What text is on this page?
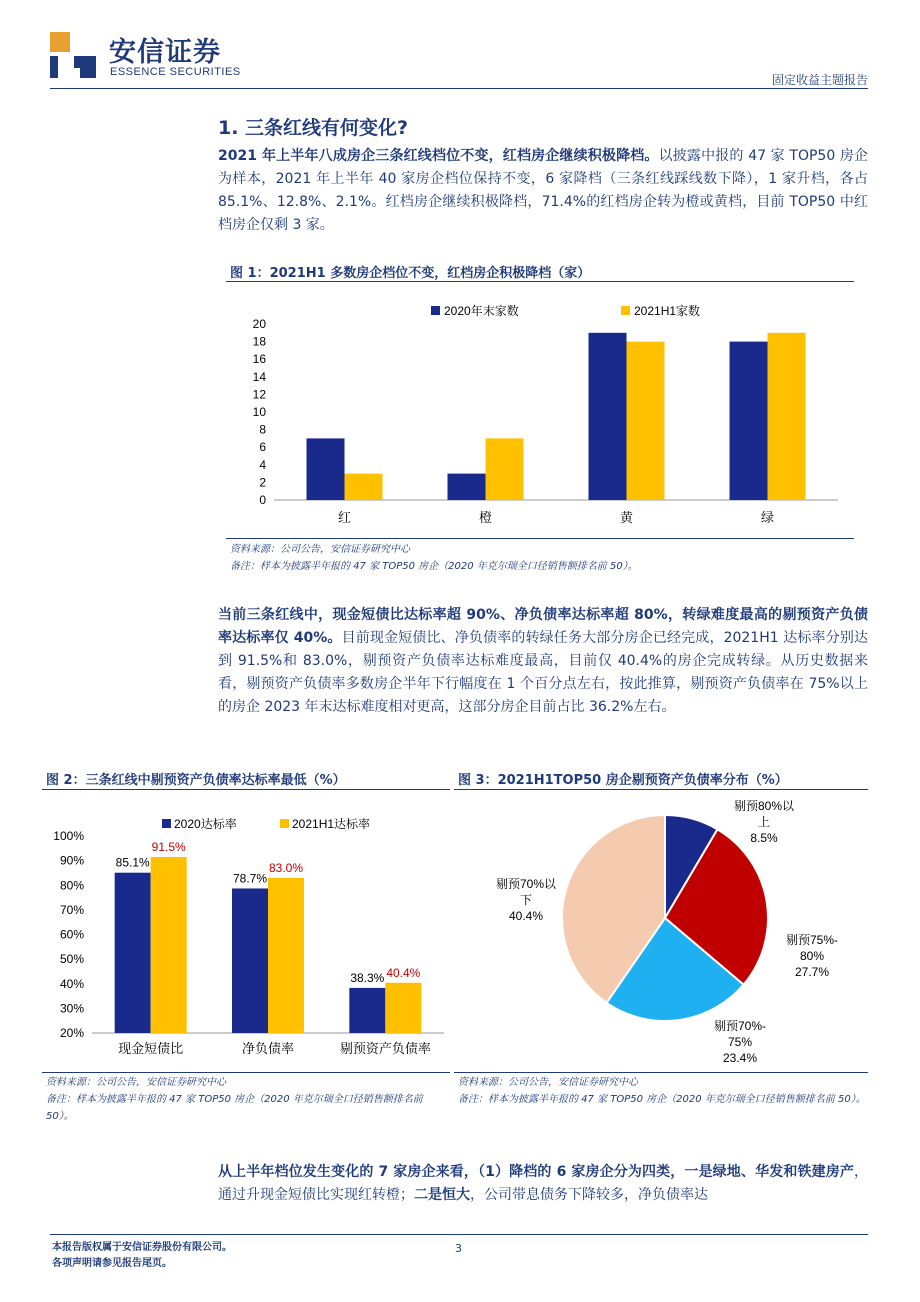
安信证券
ESSENCE SECURITIES
固定收益主题报告
1. 三条红线有何变化?
2021 年上半年八成房企三条红线档位不变，红档房企继续积极降档。以披露中报的 47 家 TOP50 房企为样本，2021 年上半年 40 家房企档位保持不变，6 家降档（三条红线踩线数下降），1 家升档，各占 85.1%、12.8%、2.1%。红档房企继续积极降档，71.4%的红档房企转为橙或黄档，目前 TOP50 中红档房企仅剩 3 家。
图 1：2021H1 多数房企档位不变，红档房企积极降档（家）
0
2
4
6
8
10
12
14
16
18
20
红	橙	黄	绿
2020年末家数	2021H1家数
资料来源：公司公告，安信证券研究中心
备注：样本为披露半年报的 47 家 TOP50 房企（2020 年克尔瑞全口径销售额排名前 50）。
当前三条红线中，现金短债比达标率超 90%、净负债率达标率超 80%，转绿难度最高的剔预资产负债率达标率仅 40%。目前现金短债比、净负债率的转绿任务大部分房企已经完成，2021H1 达标率分别达到 91.5%和 83.0%，剔预资产负债率达标难度最高，目前仅 40.4%的房企完成转绿。从历史数据来看，剔预资产负债率多数房企半年下行幅度在 1 个百分点左右，按此推算，剔预资产负债率在 75%以上的房企 2023 年末达标难度相对更高，这部分房企目前占比 36.2%左右。
图 2：三条红线中剔预资产负债率达标率最低（%）
20%
30%
40%
50%
60%
70%
80%
90%
100%
85.1%
91.5%
现金短债比
78.7%
83.0%
净负债率
38.3% 40.4%
剔预资产负债率
2020达标率	2021H1达标率
资料来源：公司公告，安信证券研究中心
备注：样本为披露半年报的 47 家 TOP50 房企（2020 年克尔瑞全口径销售额排名前 50）。
图 3：2021H1TOP50 房企剔预资产负债率分布（%）
剔预80%以
上
8.5%
剔预75%-
80%
27.7%
剔预70%-
75%
23.4%
剔预70%以
下
40.4%
资料来源：公司公告，安信证券研究中心
备注：样本为披露半年报的 47 家 TOP50 房企（2020 年克尔瑞全口径销售额排名前 50）。
从上半年档位发生变化的 7 家房企来看，（1）降档的 6 家房企分为四类，一是绿地、华发和铁建房产，通过升现金短债比实现红转橙；二是恒大，公司带息债务下降较多，净负债率达
本报告版权属于安信证券股份有限公司。
各项声明请参见报告尾页。
3
